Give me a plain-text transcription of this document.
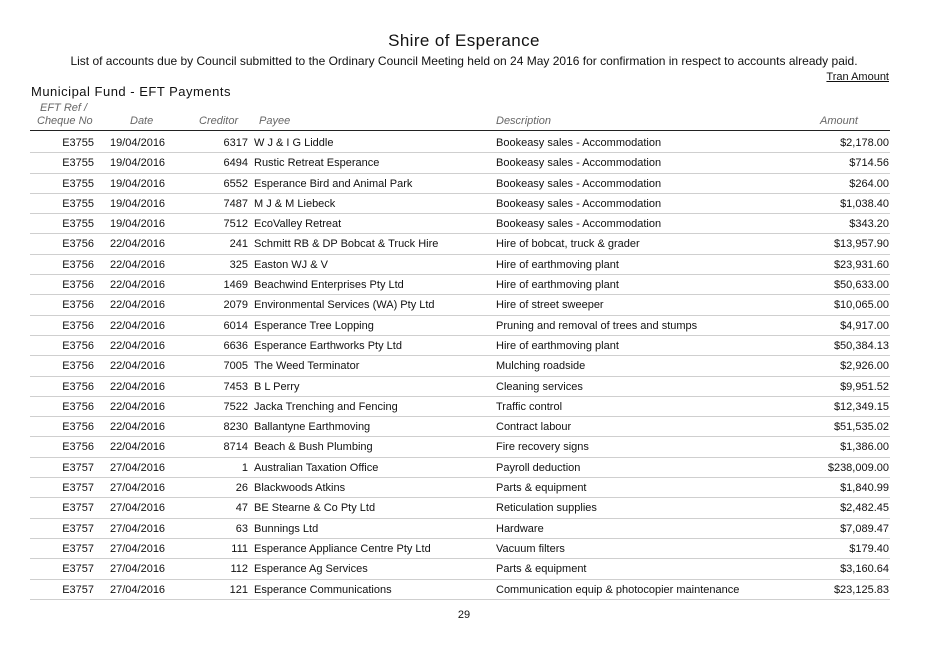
Shire of Esperance
List of accounts due by Council submitted to the Ordinary Council Meeting held on 24 May 2016 for confirmation in respect to accounts already paid.
Tran Amount
Municipal Fund - EFT Payments
EFT Ref /
Cheque No	Date	Creditor Payee	Description	Amount
E3755 19/04/2016	6317 W J & I G Liddle	Bookeasy sales - Accommodation	$2,178.00
E3755 19/04/2016	6494 Rustic Retreat Esperance	Bookeasy sales - Accommodation	$714.56
E3755 19/04/2016	6552 Esperance Bird and Animal Park	Bookeasy sales - Accommodation	$264.00
E3755 19/04/2016	7487 M J & M Liebeck	Bookeasy sales - Accommodation	$1,038.40
E3755 19/04/2016	7512 EcoValley Retreat	Bookeasy sales - Accommodation	$343.20
E3756 22/04/2016	241 Schmitt RB & DP Bobcat & Truck Hire	Hire of bobcat, truck & grader	$13,957.90
E3756 22/04/2016	325 Easton WJ & V	Hire of earthmoving plant	$23,931.60
E3756 22/04/2016	1469 Beachwind Enterprises Pty Ltd	Hire of earthmoving plant	$50,633.00
E3756 22/04/2016	2079 Environmental Services (WA) Pty Ltd	Hire of street sweeper	$10,065.00
E3756 22/04/2016	6014 Esperance Tree Lopping	Pruning and removal of trees and stumps	$4,917.00
E3756 22/04/2016	6636 Esperance Earthworks Pty Ltd	Hire of earthmoving plant	$50,384.13
E3756 22/04/2016	7005 The Weed Terminator	Mulching roadside	$2,926.00
E3756 22/04/2016	7453 B L Perry	Cleaning services	$9,951.52
E3756 22/04/2016	7522 Jacka Trenching and Fencing	Traffic control	$12,349.15
E3756 22/04/2016	8230 Ballantyne Earthmoving	Contract labour	$51,535.02
E3756 22/04/2016	8714 Beach & Bush Plumbing	Fire recovery signs	$1,386.00
E3757 27/04/2016	1 Australian Taxation Office	Payroll deduction	$238,009.00
E3757 27/04/2016	26 Blackwoods Atkins	Parts & equipment	$1,840.99
E3757 27/04/2016	47 BE Stearne & Co Pty Ltd	Reticulation supplies	$2,482.45
E3757 27/04/2016	63 Bunnings Ltd	Hardware	$7,089.47
E3757 27/04/2016	111 Esperance Appliance Centre Pty Ltd	Vacuum filters	$179.40
E3757 27/04/2016	112 Esperance Ag Services	Parts & equipment	$3,160.64
E3757 27/04/2016	121 Esperance Communications	Communication equip & photocopier maintenance	$23,125.83
29
